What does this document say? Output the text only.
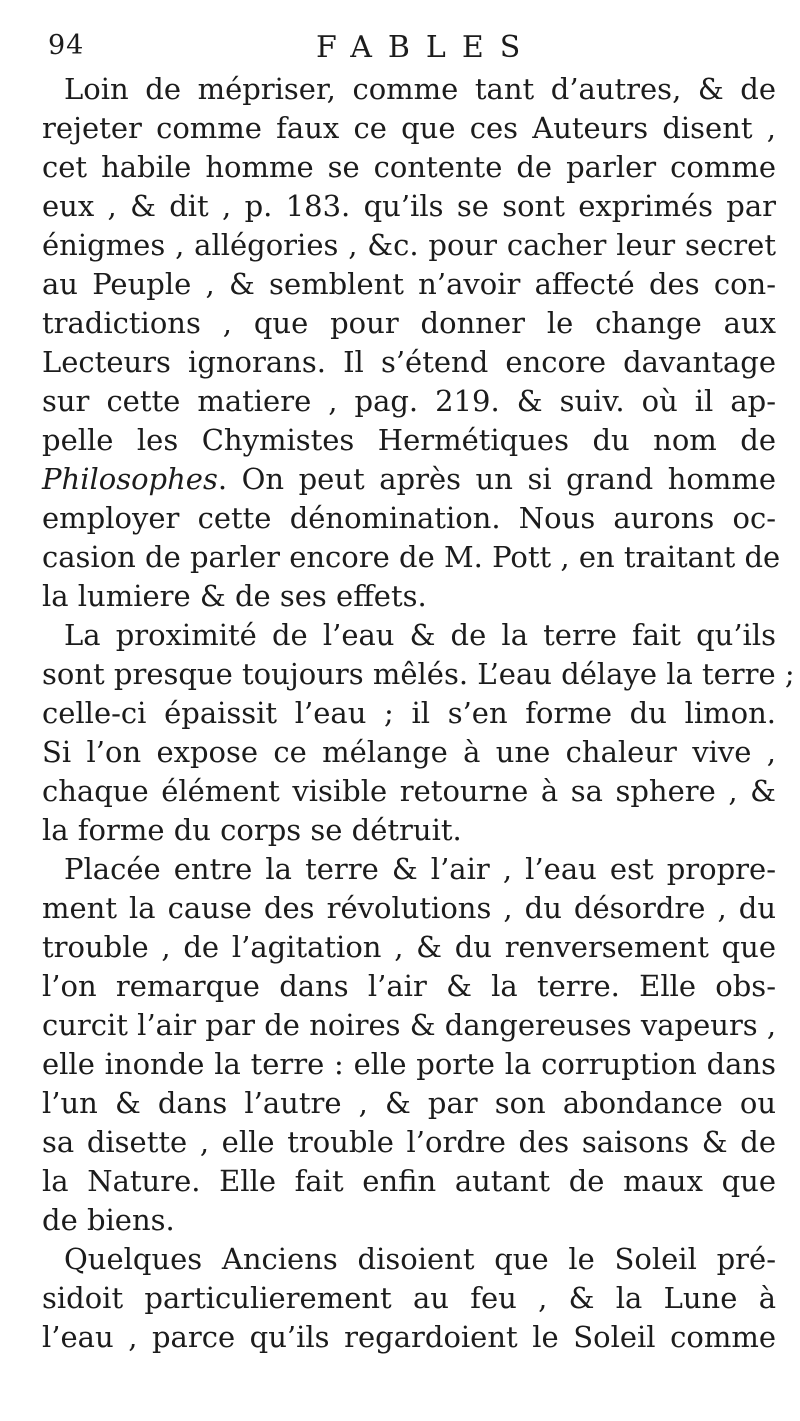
94	FABLES
Loin de mépriser, comme tant d’autres, & de
rejeter comme faux ce que ces Auteurs disent ,
cet habile homme se contente de parler comme
eux , & dit , p. 183. qu’ils se sont exprimés par
énigmes , allégories , &c. pour cacher leur secret
au Peuple , & semblent n’avoir affecté des con-
tradictions , que pour donner le change aux
Lecteurs ignorans. Il s’étend encore davantage
sur cette matiere , pag. 219. & suiv. où il ap-
pelle les Chymistes Hermétiques du nom de
Philosophes. On peut après un si grand homme
employer cette dénomination. Nous aurons oc-
casion de parler encore de M. Pott , en traitant de
la lumiere & de ses effets.
La proximité de l’eau & de la terre fait qu’ils
sont presque toujours mêlés. L’eau délaye la terre ;
celle-ci épaissit l’eau ; il s’en forme du limon.
Si l’on expose ce mélange à une chaleur vive ,
chaque élément visible retourne à sa sphere , &
la forme du corps se détruit.
Placée entre la terre & l’air , l’eau est propre-
ment la cause des révolutions , du désordre , du
trouble , de l’agitation , & du renversement que
l’on remarque dans l’air & la terre. Elle obs-
curcit l’air par de noires & dangereuses vapeurs ,
elle inonde la terre : elle porte la corruption dans
l’un & dans l’autre , & par son abondance ou
sa disette , elle trouble l’ordre des saisons & de
la Nature. Elle fait enfin autant de maux que
de biens.
Quelques Anciens disoient que le Soleil pré-
sidoit particulierement au feu , & la Lune à
l’eau , parce qu’ils regardoient le Soleil comme
